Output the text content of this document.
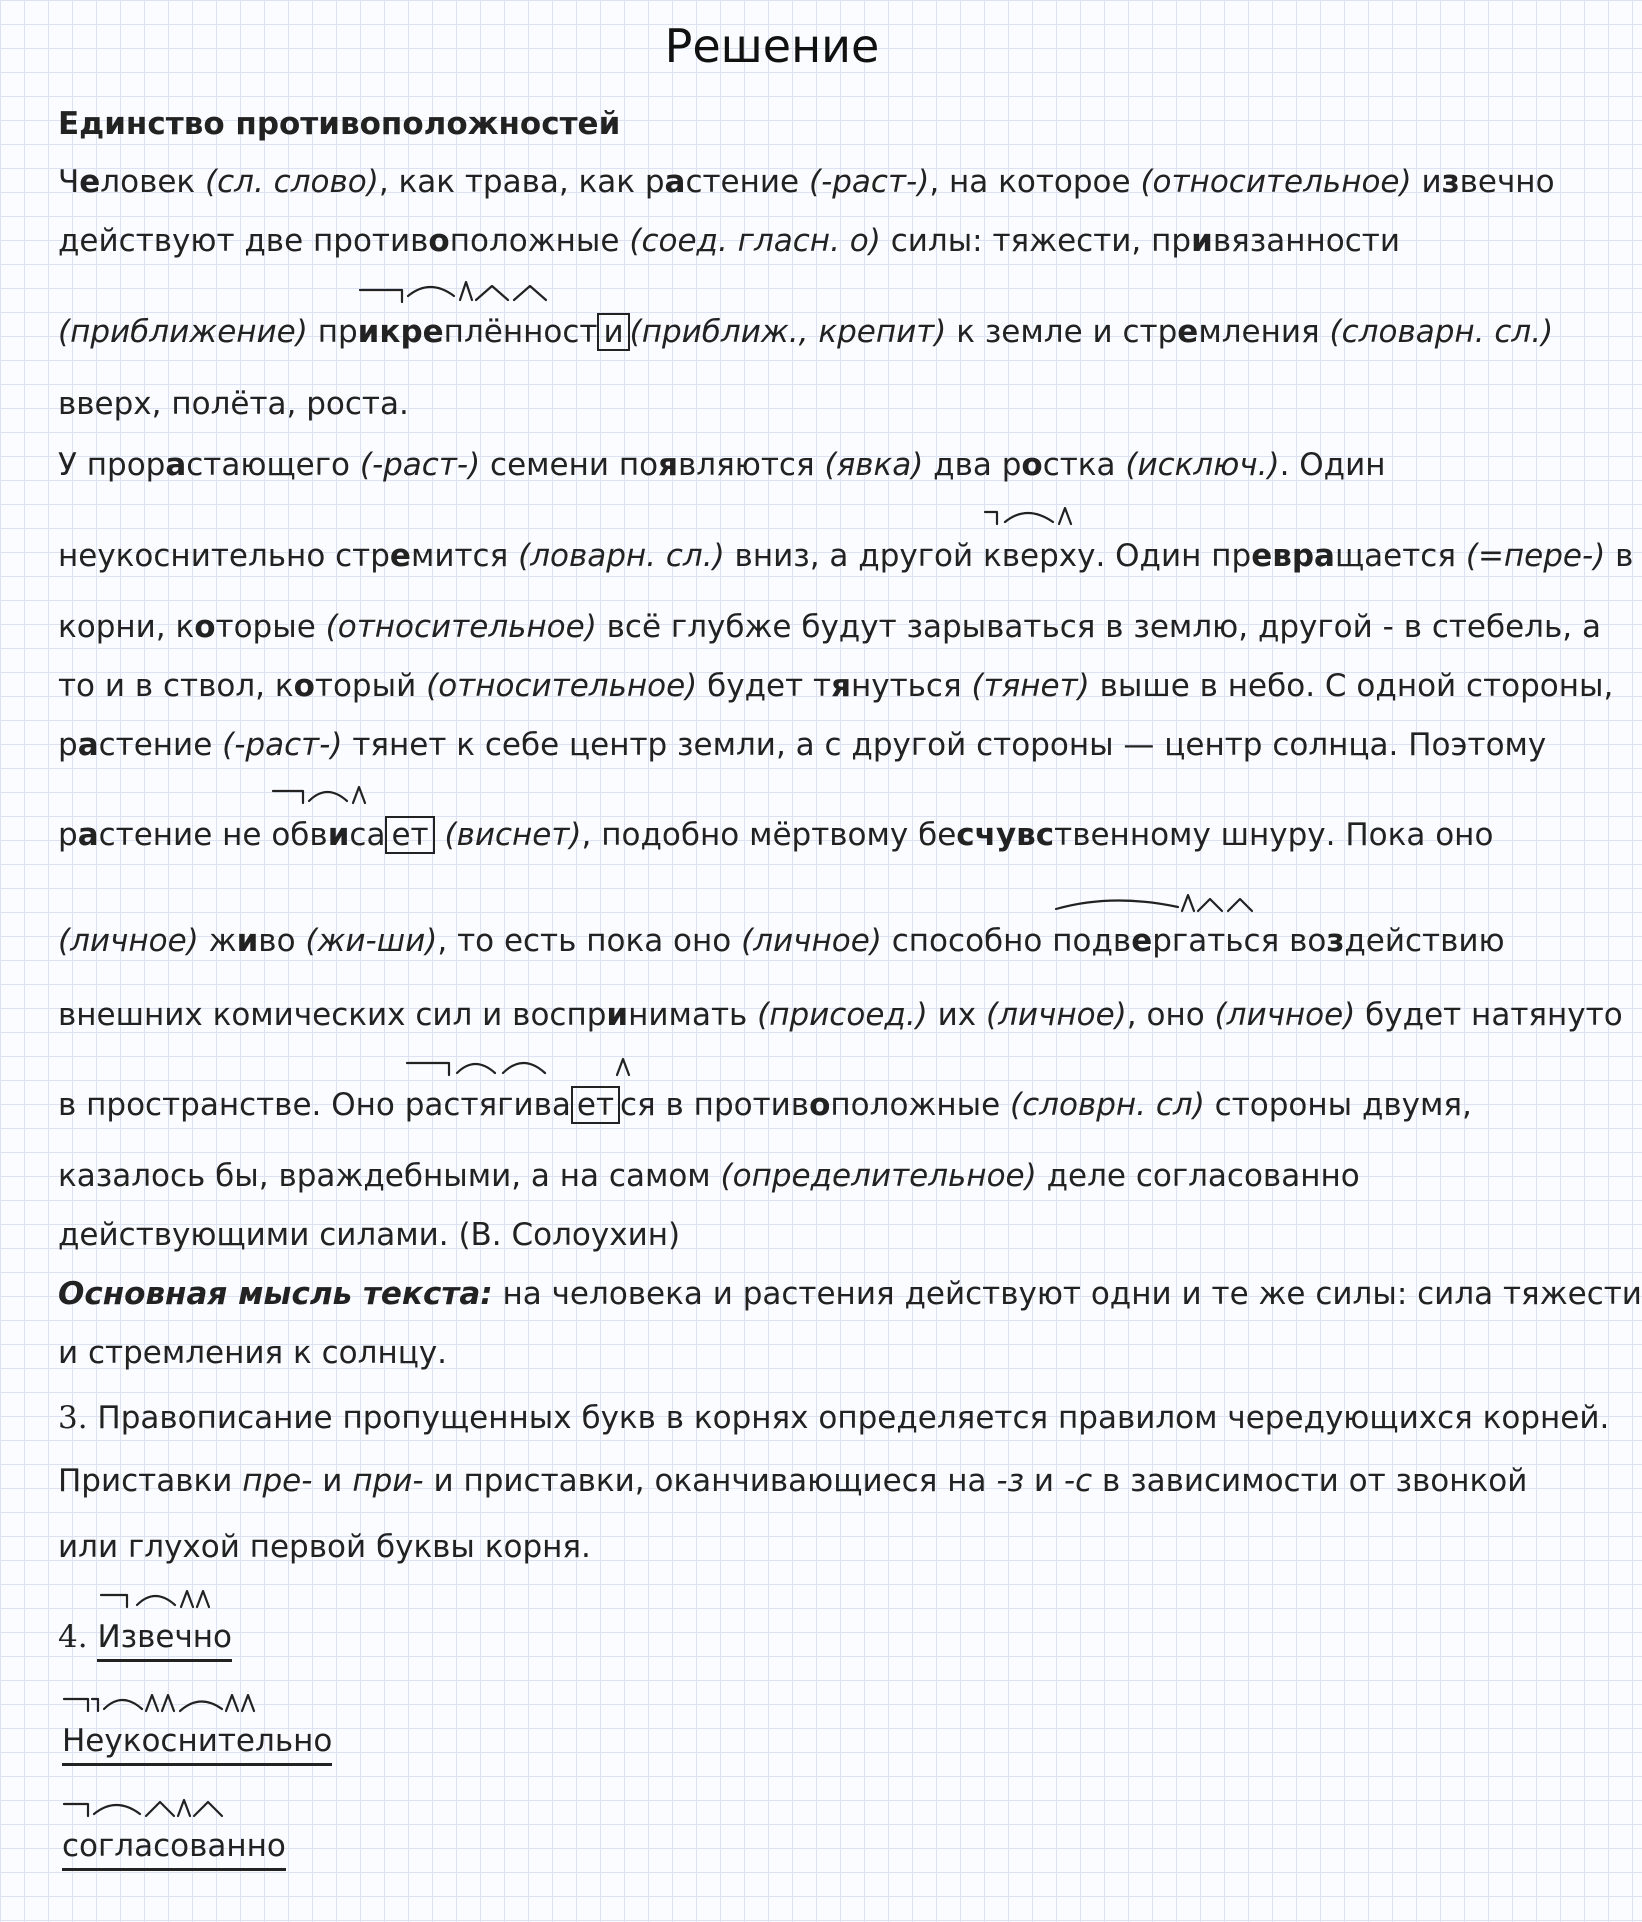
Решение
Единство противоположностей
Человек (сл. слово), как трава, как растение (-раст-), на которое (относительное) извечно
действуют две противоположные (соед. гласн. о) силы: тяжести, привязанности
(приближение) пр
икреплённост и (приближ., крепит) к земле и стремления (словарн. сл.)
вверх, полёта, роста.
У прорастающего (-раст-) семени появляются (явка) два ростка (исключ.). Один
неукоснительно стремится (ловарн. сл.) вниз, а другой
кверху. Один превращается (=пере-) в
корни, которые (относительное) всё глубже будут зарываться в землю, другой - в стебель, а
то и в ствол, который (относительное) будет тянуться (тянет) выше в небо. С одной стороны,
растение (-раст-) тянет к себе центр земли, а с другой стороны — центр солнца. Поэтому
растение не
обвиса ет (виснет), подобно мёртвому бесчувственному шнуру. Пока оно
(личное) живо (жи-ши), то есть пока оно (личное) способно
подвергаться воздействию
внешних комических сил и воспринимать (присоед.) их (личное), оно (личное) будет натянуто
в пространстве. Оно
растягива ет ся в противоположные (словрн. сл) стороны двумя,
казалось бы, враждебными, а на самом (определительное) деле согласованно
действующими силами. (В. Солоухин)
Основная мысль текста: на человека и растения действуют одни и те же силы: сила тяжести
и стремления к солнцу.
3. Правописание пропущенных букв в корнях определяется правилом чередующихся корней.
Приставки пре- и при- и приставки, оканчивающиеся на -з и -с в зависимости от звонкой
или глухой первой буквы корня.
4. Извечно
Неукоснительно
согласованно
